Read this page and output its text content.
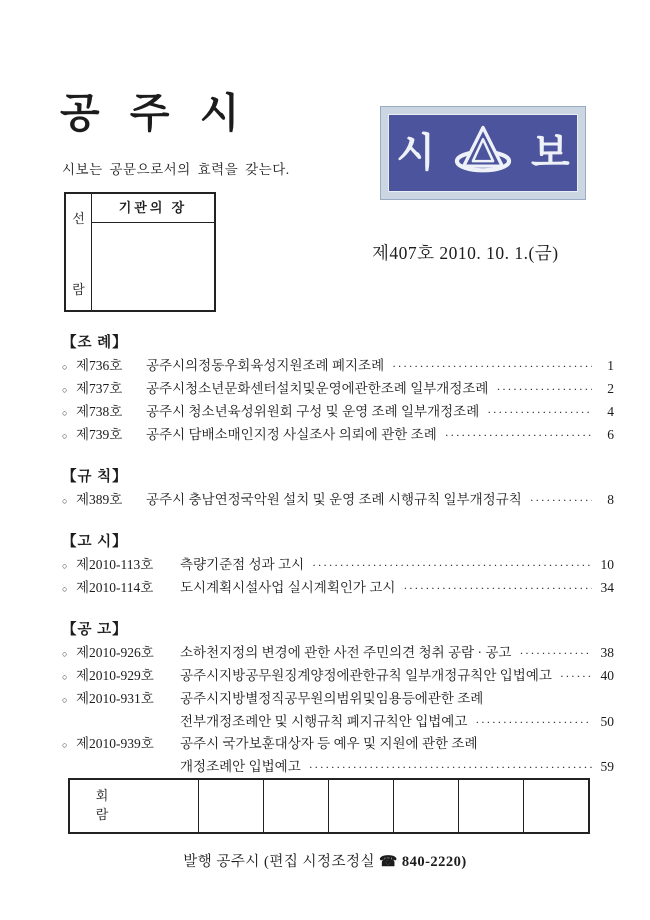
공 주 시
시보는 공문으로서의 효력을 갖는다.
선
람
기관의 장
시 보
제407호 2010. 10. 1.(금)
【조 례】
○ 제736호	공주시의정동우회육성지원조례 폐지조례 ·····	1
○ 제737호	공주시청소년문화센터설치및운영에관한조례 일부개정조례 ·····	2
○ 제738호	공주시 청소년육성위원회 구성 및 운영 조례 일부개정조례 ·····	4
○ 제739호	공주시 담배소매인지정 사실조사 의뢰에 관한 조례 ·····	6
【규 칙】
○ 제389호	공주시 충남연정국악원 설치 및 운영 조례 시행규칙 일부개정규칙 ·····	8
【고 시】
○ 제2010-113호	측량기준점 성과 고시 ·····	10
○ 제2010-114호	도시계획시설사업 실시계획인가 고시 ·····	34
【공 고】
○ 제2010-926호	소하천지정의 변경에 관한 사전 주민의견 청취 공람 · 공고 ·····	38
○ 제2010-929호	공주시지방공무원징계양정에관한규칙 일부개정규칙안 입법예고 ·····	40
○ 제2010-931호	공주시지방별정직공무원의범위및임용등에관한 조례
전부개정조례안 및 시행규칙 폐지규칙안 입법예고 ·····	50
○ 제2010-939호	공주시 국가보훈대상자 등 예우 및 지원에 관한 조례
개정조례안 입법예고 ·····	59
회
람
발행 공주시 (편집 시정조정실 ☎ 840-2220)
